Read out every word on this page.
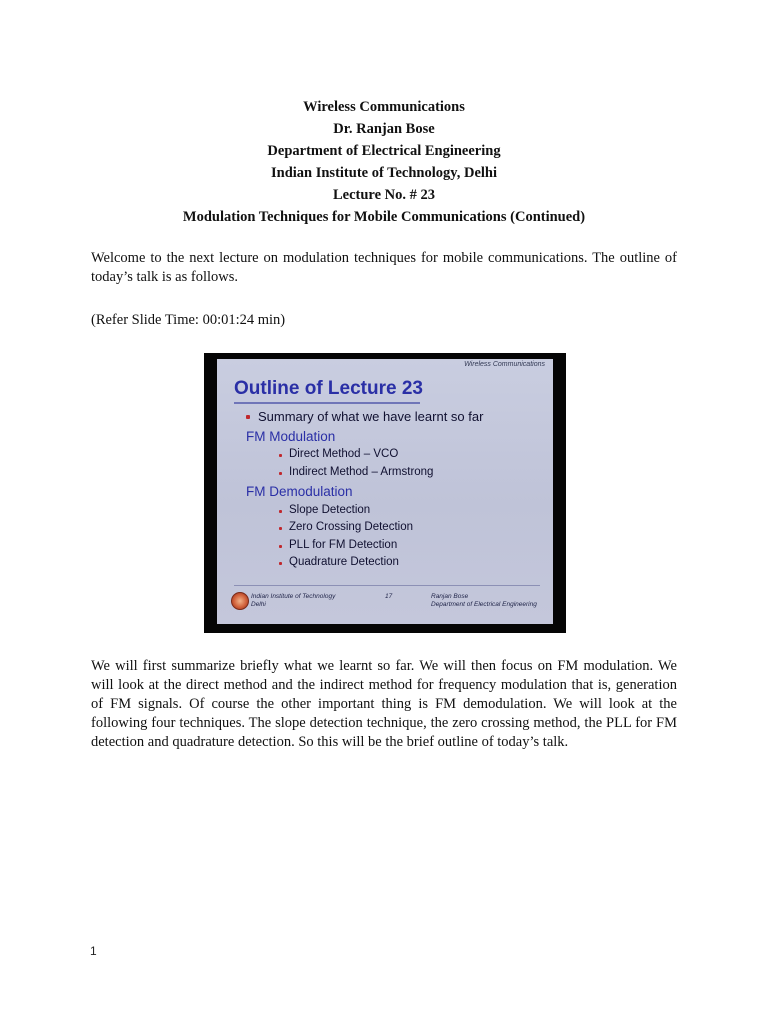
Wireless Communications
Dr. Ranjan Bose
Department of Electrical Engineering
Indian Institute of Technology, Delhi
Lecture No. # 23
Modulation Techniques for Mobile Communications (Continued)
Welcome to the next lecture on modulation techniques for mobile communications. The outline of today’s talk is as follows.
(Refer Slide Time: 00:01:24 min)
Wireless Communications
Outline of Lecture 23
Summary of what we have learnt so far
FM Modulation
Direct Method – VCO
Indirect Method – Armstrong
FM Demodulation
Slope Detection
Zero Crossing Detection
PLL for FM Detection
Quadrature Detection
Indian Institute of Technology
Delhi
17	Ranjan Bose
Department of Electrical Engineering
We will first summarize briefly what we learnt so far. We will then focus on FM modulation. We will look at the direct method and the indirect method for frequency modulation that is, generation of FM signals. Of course the other important thing is FM demodulation. We will look at the following four techniques. The slope detection technique, the zero crossing method, the PLL for FM detection and quadrature detection. So this will be the brief outline of today’s talk.
1
